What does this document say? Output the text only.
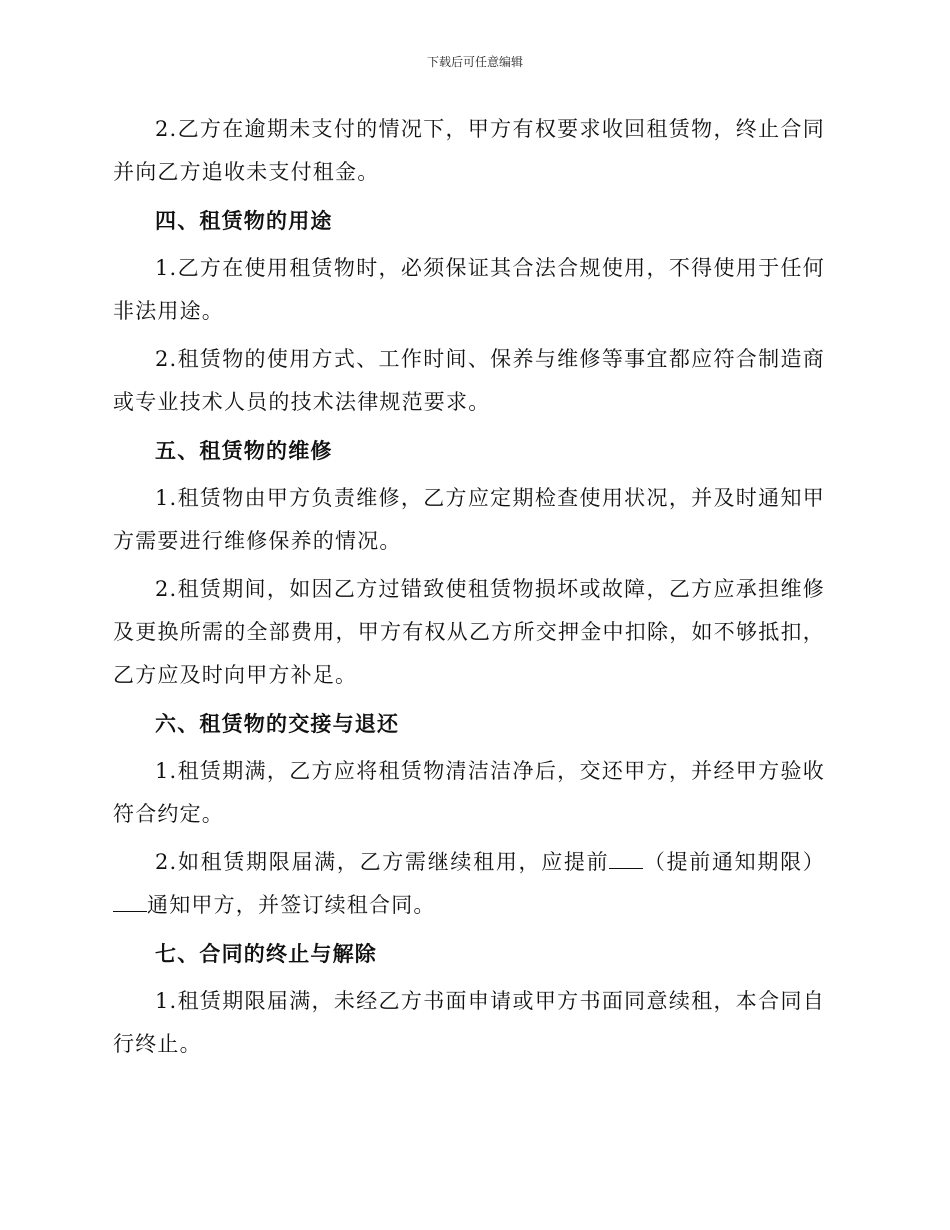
下载后可任意编辑

2.乙方在逾期未支付的情况下，甲方有权要求收回租赁物，终止合同并向乙方追收未支付租金。

四、租赁物的用途

1.乙方在使用租赁物时，必须保证其合法合规使用，不得使用于任何非法用途。

2.租赁物的使用方式、工作时间、保养与维修等事宜都应符合制造商或专业技术人员的技术法律规范要求。

五、租赁物的维修

1.租赁物由甲方负责维修，乙方应定期检查使用状况，并及时通知甲方需要进行维修保养的情况。

2.租赁期间，如因乙方过错致使租赁物损坏或故障，乙方应承担维修及更换所需的全部费用，甲方有权从乙方所交押金中扣除，如不够抵扣，乙方应及时向甲方补足。

六、租赁物的交接与退还

1.租赁期满，乙方应将租赁物清洁洁净后，交还甲方，并经甲方验收符合约定。

2.如租赁期限届满，乙方需继续租用，应提前 （提前通知期限）通知甲方，并签订续租合同。

七、合同的终止与解除

1.租赁期限届满，未经乙方书面申请或甲方书面同意续租，本合同自行终止。
